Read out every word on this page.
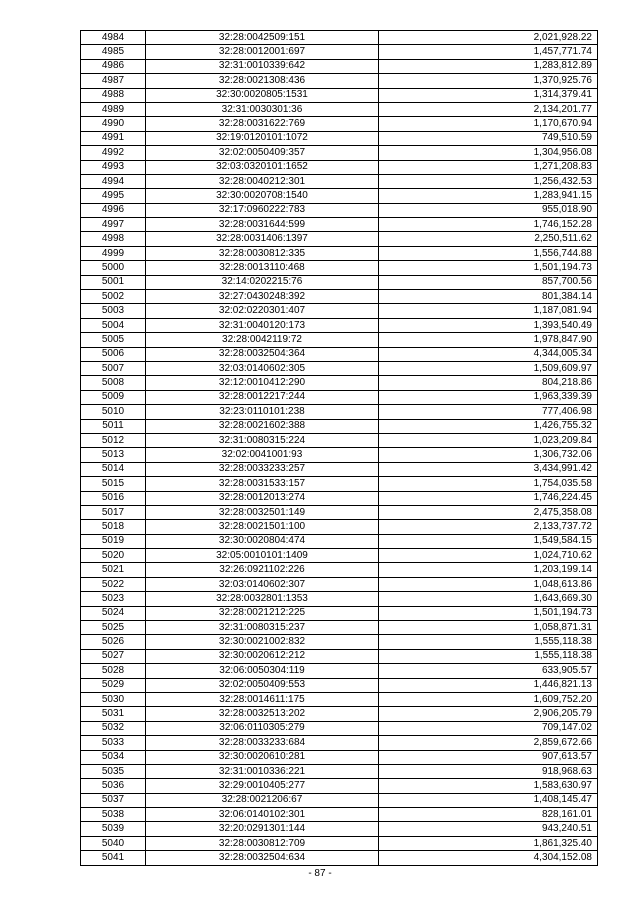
4984	32:28:0042509:151	2,021,928.22
4985	32:28:0012001:697	1,457,771.74
4986	32:31:0010339:642	1,283,812.89
4987	32:28:0021308:436	1,370,925.76
4988	32:30:0020805:1531	1,314,379.41
4989	32:31:0030301:36	2,134,201.77
4990	32:28:0031622:769	1,170,670.94
4991	32:19:0120101:1072	749,510.59
4992	32:02:0050409:357	1,304,956.08
4993	32:03:0320101:1652	1,271,208.83
4994	32:28:0040212:301	1,256,432.53
4995	32:30:0020708:1540	1,283,941.15
4996	32:17:0960222:783	955,018.90
4997	32:28:0031644:599	1,746,152.28
4998	32:28:0031406:1397	2,250,511.62
4999	32:28:0030812:335	1,556,744.88
5000	32:28:0013110:468	1,501,194.73
5001	32:14:0202215:76	857,700.56
5002	32:27:0430248:392	801,384.14
5003	32:02:0220301:407	1,187,081.94
5004	32:31:0040120:173	1,393,540.49
5005	32:28:0042119:72	1,978,847.90
5006	32:28:0032504:364	4,344,005.34
5007	32:03:0140602:305	1,509,609.97
5008	32:12:0010412:290	804,218.86
5009	32:28:0012217:244	1,963,339.39
5010	32:23:0110101:238	777,406.98
5011	32:28:0021602:388	1,426,755.32
5012	32:31:0080315:224	1,023,209.84
5013	32:02:0041001:93	1,306,732.06
5014	32:28:0033233:257	3,434,991.42
5015	32:28:0031533:157	1,754,035.58
5016	32:28:0012013:274	1,746,224.45
5017	32:28:0032501:149	2,475,358.08
5018	32:28:0021501:100	2,133,737.72
5019	32:30:0020804:474	1,549,584.15
5020	32:05:0010101:1409	1,024,710.62
5021	32:26:0921102:226	1,203,199.14
5022	32:03:0140602:307	1,048,613.86
5023	32:28:0032801:1353	1,643,669.30
5024	32:28:0021212:225	1,501,194.73
5025	32:31:0080315:237	1,058,871.31
5026	32:30:0021002:832	1,555,118.38
5027	32:30:0020612:212	1,555,118.38
5028	32:06:0050304:119	633,905.57
5029	32:02:0050409:553	1,446,821.13
5030	32:28:0014611:175	1,609,752.20
5031	32:28:0032513:202	2,906,205.79
5032	32:06:0110305:279	709,147.02
5033	32:28:0033233:684	2,859,672.66
5034	32:30:0020610:281	907,613.57
5035	32:31:0010336:221	918,968.63
5036	32:29:0010405:277	1,583,630.97
5037	32:28:0021206:67	1,408,145.47
5038	32:06:0140102:301	828,161.01
5039	32:20:0291301:144	943,240.51
5040	32:28:0030812:709	1,861,325.40
5041	32:28:0032504:634	4,304,152.08
- 87 -
